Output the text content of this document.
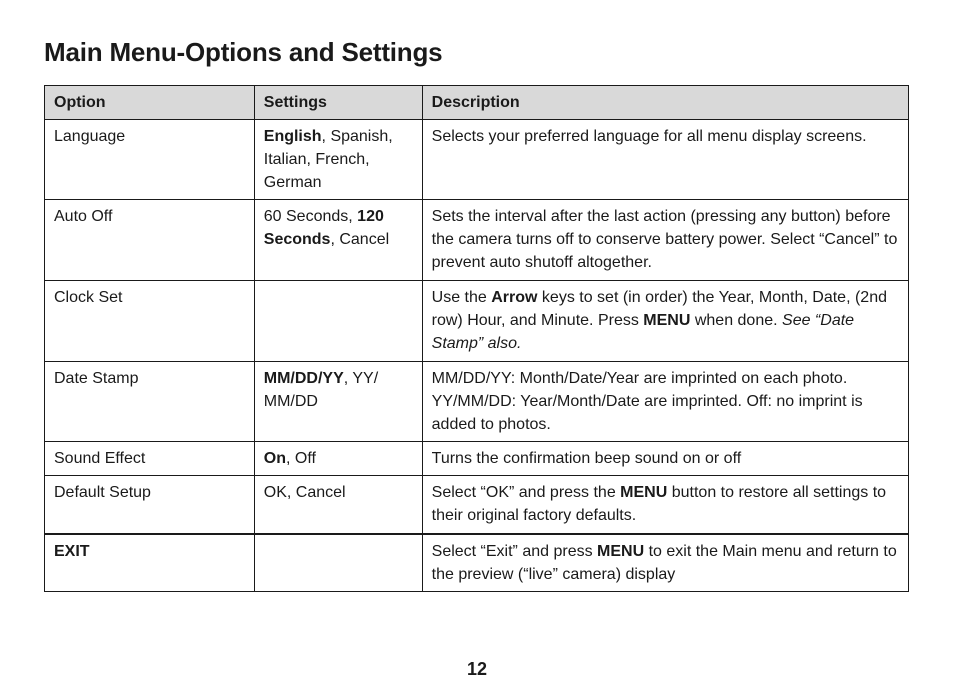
Main Menu-Options and Settings
Option	Settings	Description
Language	English, Spanish, Italian, French, German	Selects your preferred language for all menu display screens.
Auto Off	60 Seconds, 120 Seconds, Cancel	Sets the interval after the last action (pressing any button) before the camera turns off to conserve battery power. Select “Cancel” to prevent auto shutoff altogether.
Clock Set		Use the Arrow keys to set (in order) the Year, Month, Date, (2nd row) Hour, and Minute. Press MENU when done. See “Date Stamp” also.
Date Stamp	MM/DD/YY, YY/ MM/DD	MM/DD/YY: Month/Date/Year are imprinted on each photo. YY/MM/DD: Year/Month/Date are imprinted. Off: no imprint is added to photos.
Sound Effect	On, Off	Turns the confirmation beep sound on or off
Default Setup	OK, Cancel	Select “OK” and press the MENU button to restore all settings to their original factory defaults.
EXIT		Select “Exit” and press MENU to exit the Main menu and return to the preview (“live” camera) display
12
